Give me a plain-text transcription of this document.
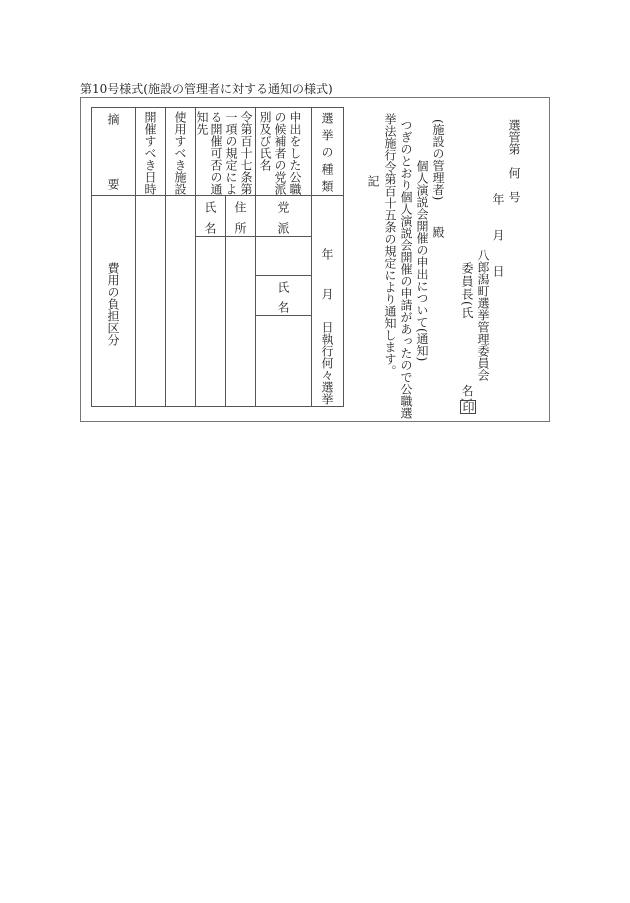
第10号様式(施設の管理者に対する通知の様式)
選挙の種類
申出をした公職
の候補者の党派
別及び氏名
令第百十七条第
一項の規定によ
る開催可否の通
知先
使用すべき施設
開催すべき日時
摘
要
党
派
氏
名
住
所
氏
名
年
月
日執行何々選挙
費用の負担区分
選管第　何　号
年　月　日
八郎潟町選挙管理委員会
委員長(氏　　　　　名)
印
(施設の管理者)
殿
個人演説会開催の申出について(通知)
つぎのとおり個人演説会開催の申請があったので公職選
挙法施行令第百十五条の規定により通知します。
記
